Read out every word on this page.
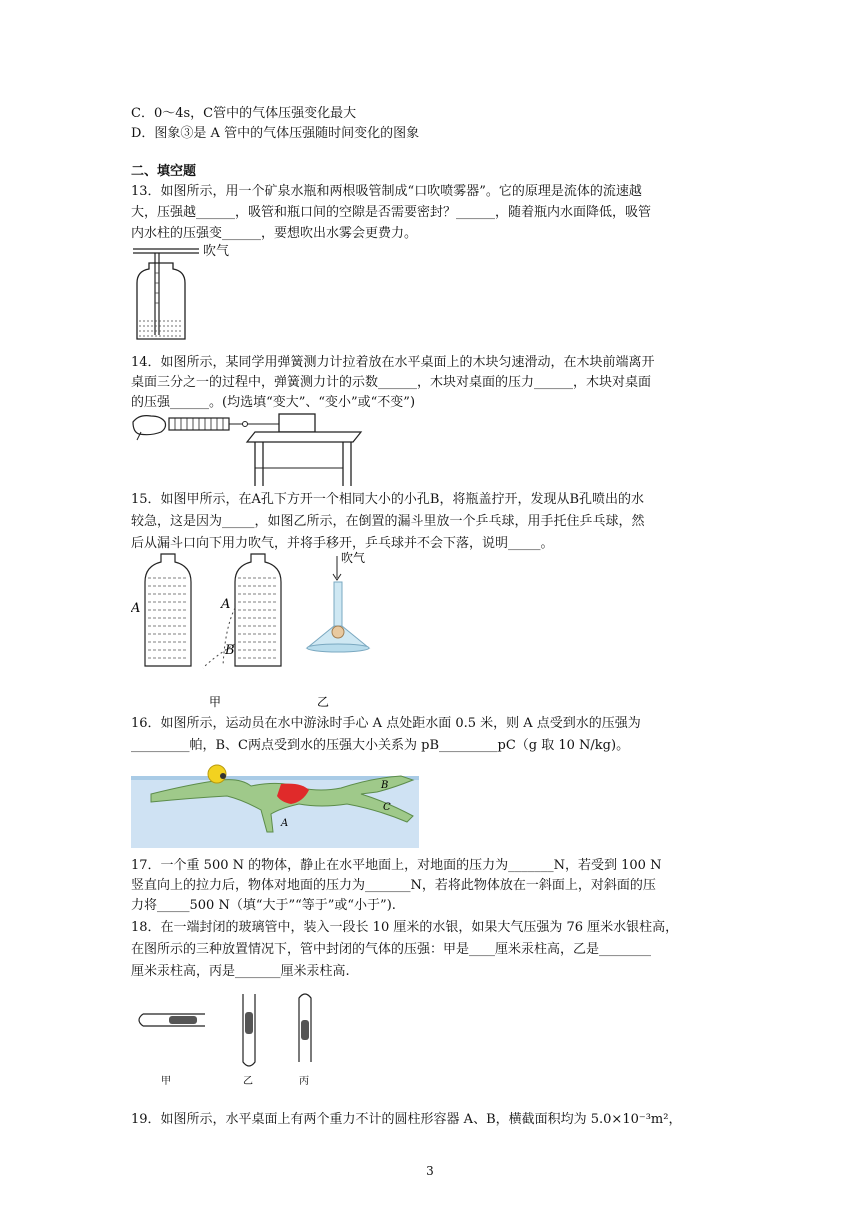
C．0～4s，C管中的气体压强变化最大
D．图象③是 A 管中的气体压强随时间变化的图象
二、填空题
13．如图所示，用一个矿泉水瓶和两根吸管制成“口吹喷雾器”。它的原理是流体的流速越
大，压强越______，吸管和瓶口间的空隙是否需要密封？______，随着瓶内水面降低，吸管
内水柱的压强变______，要想吹出水雾会更费力。
吹气
14．如图所示，某同学用弹簧测力计拉着放在水平桌面上的木块匀速滑动，在木块前端离开
桌面三分之一的过程中，弹簧测力计的示数______，木块对桌面的压力______，木块对桌面
的压强______。(均选填“变大”、“变小”或“不变”)
15．如图甲所示，在A孔下方开一个相同大小的小孔B，将瓶盖拧开，发现从B孔喷出的水
较急，这是因为_____，如图乙所示，在倒置的漏斗里放一个乒乓球，用手托住乒乓球，然
后从漏斗口向下用力吹气，并将手移开，乒乓球并不会下落，说明_____。
A	A
B
吹气
甲	乙
16．如图所示，运动员在水中游泳时手心 A 点处距水面 0.5 米，则 A 点受到水的压强为
_________帕，B、C两点受到水的压强大小关系为 pB_________pC（g 取 10 N/kg)。
A
B
C
17．一个重 500 N 的物体，静止在水平地面上，对地面的压力为_______N，若受到 100 N
竖直向上的拉力后，物体对地面的压力为_______N，若将此物体放在一斜面上，对斜面的压
力将_____500 N（填“大于”“等于”或“小于”).
18．在一端封闭的玻璃管中，装入一段长 10 厘米的水银，如果大气压强为 76 厘米水银柱高，
在图所示的三种放置情况下，管中封闭的气体的压强：甲是____厘米汞柱高，乙是________
厘米汞柱高，丙是_______厘米汞柱高.
甲	乙	丙
19．如图所示，水平桌面上有两个重力不计的圆柱形容器 A、B，横截面积均为 5.0×10⁻³m²，
3
